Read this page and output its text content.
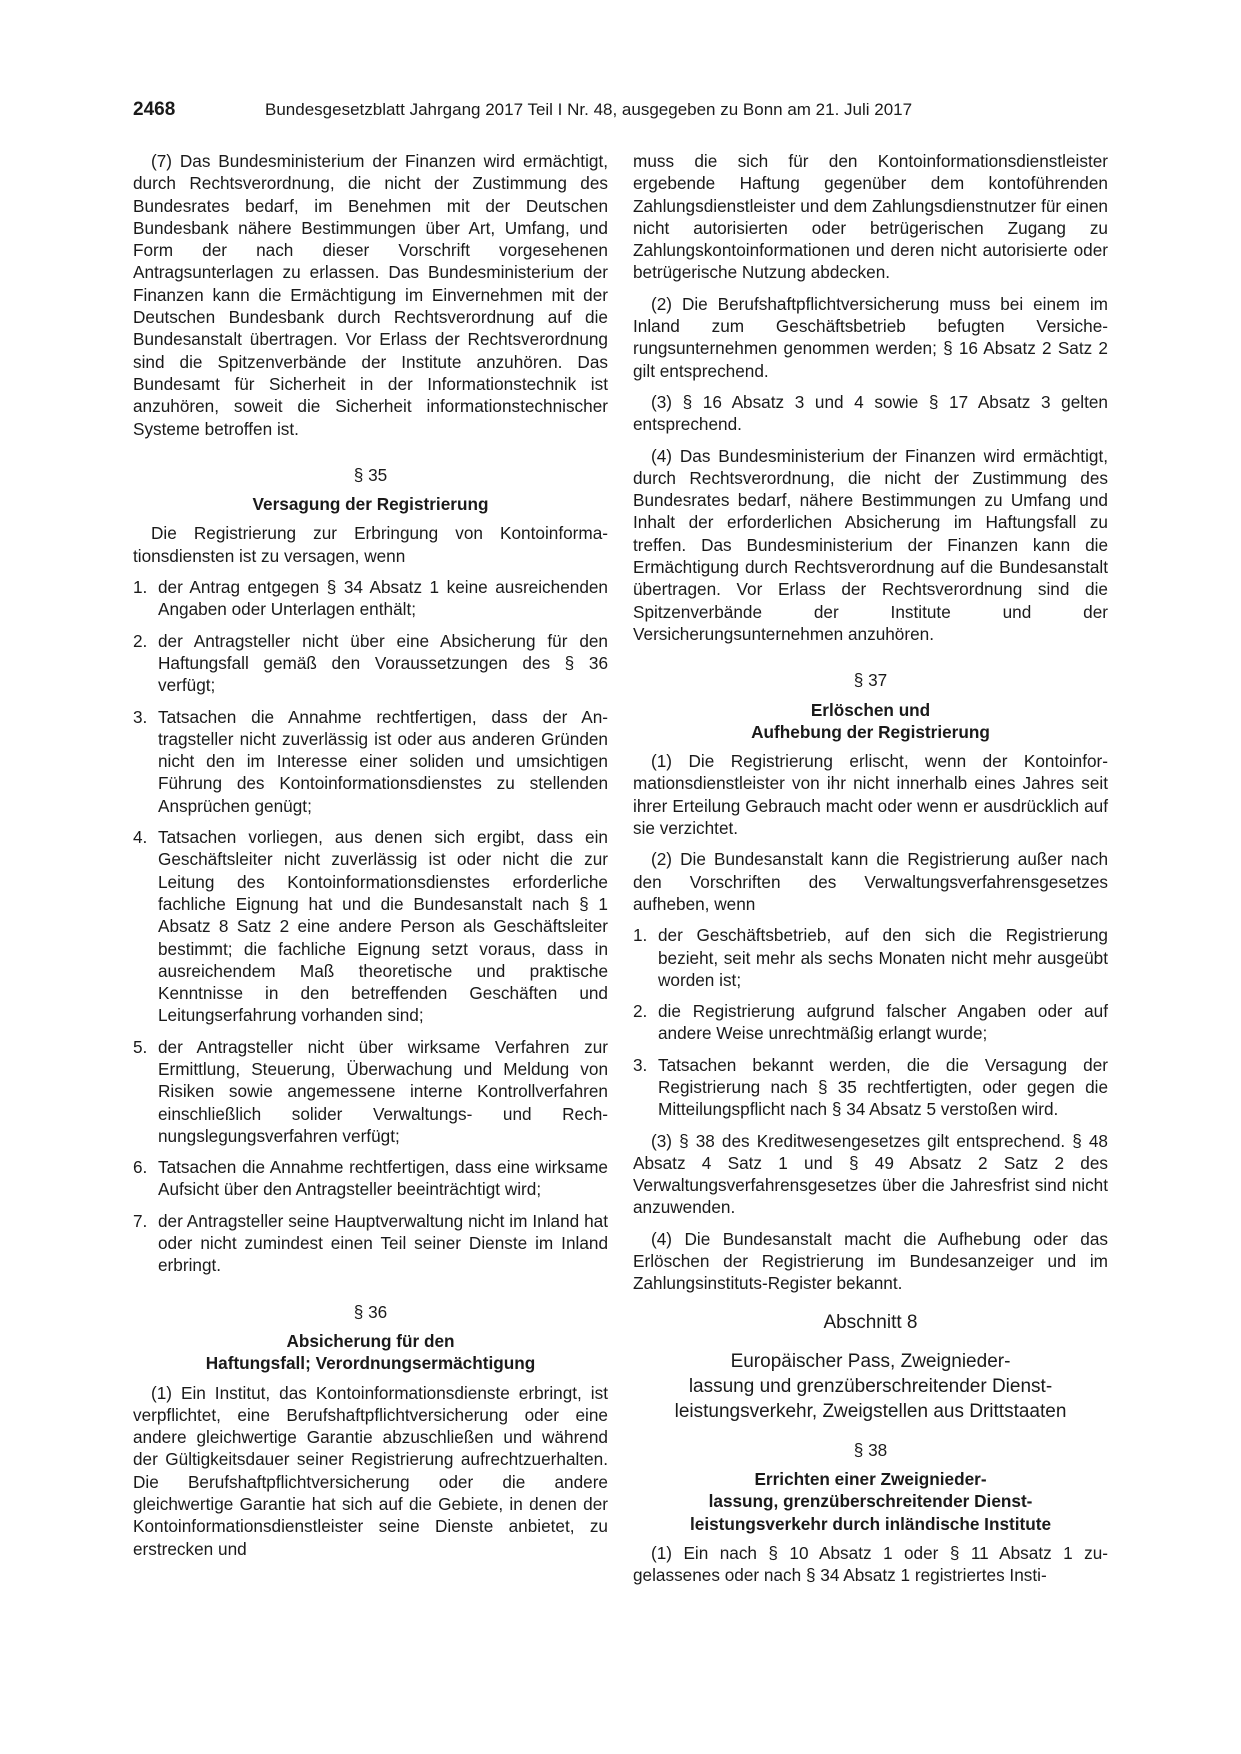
2468	Bundesgesetzblatt Jahrgang 2017 Teil I Nr. 48, ausgegeben zu Bonn am 21. Juli 2017

(7) Das Bundesministerium der Finanzen wird ermächtigt, durch Rechtsverordnung, die nicht der Zustimmung des Bundesrates bedarf, im Benehmen mit der Deutschen Bundesbank nähere Bestimmungen über Art, Umfang, und Form der nach dieser Vorschrift vorgesehenen Antragsunterlagen zu erlassen. Das Bundesministerium der Finanzen kann die Ermächtigung im Einvernehmen mit der Deutschen Bundesbank durch Rechtsverordnung auf die Bundesanstalt übertragen. Vor Erlass der Rechtsverordnung sind die Spitzenverbände der Institute anzuhören. Das Bundesamt für Sicherheit in der Informationstechnik ist anzuhören, soweit die Sicherheit informationstechnischer Systeme betroffen ist.

§ 35
Versagung der Registrierung

Die Registrierung zur Erbringung von Kontoinformationsdiensten ist zu versagen, wenn

1. der Antrag entgegen § 34 Absatz 1 keine ausreichenden Angaben oder Unterlagen enthält;
2. der Antragsteller nicht über eine Absicherung für den Haftungsfall gemäß den Voraussetzungen des § 36 verfügt;
3. Tatsachen die Annahme rechtfertigen, dass der Antragsteller nicht zuverlässig ist oder aus anderen Gründen nicht den im Interesse einer soliden und umsichtigen Führung des Kontoinformationsdienstes zu stellenden Ansprüchen genügt;
4. Tatsachen vorliegen, aus denen sich ergibt, dass ein Geschäftsleiter nicht zuverlässig ist oder nicht die zur Leitung des Kontoinformationsdienstes erforderliche fachliche Eignung hat und die Bundesanstalt nach § 1 Absatz 8 Satz 2 eine andere Person als Geschäftsleiter bestimmt; die fachliche Eignung setzt voraus, dass in ausreichendem Maß theoretische und praktische Kenntnisse in den betreffenden Geschäften und Leitungserfahrung vorhanden sind;
5. der Antragsteller nicht über wirksame Verfahren zur Ermittlung, Steuerung, Überwachung und Meldung von Risiken sowie angemessene interne Kontrollverfahren einschließlich solider Verwaltungs- und Rechnungslegungsverfahren verfügt;
6. Tatsachen die Annahme rechtfertigen, dass eine wirksame Aufsicht über den Antragsteller beeinträchtigt wird;
7. der Antragsteller seine Hauptverwaltung nicht im Inland hat oder nicht zumindest einen Teil seiner Dienste im Inland erbringt.
§ 36
Absicherung für den
Haftungsfall; Verordnungsermächtigung

(1) Ein Institut, das Kontoinformationsdienste erbringt, ist verpflichtet, eine Berufshaftpflichtversicherung oder eine andere gleichwertige Garantie abzuschließen und während der Gültigkeitsdauer seiner Registrierung aufrechtzuerhalten. Die Berufshaftpflichtversicherung oder die andere gleichwertige Garantie hat sich auf die Gebiete, in denen der Kontoinformationsdienstleister seine Dienste anbietet, zu erstrecken und

muss die sich für den Kontoinformationsdienstleister ergebende Haftung gegenüber dem kontoführenden Zahlungsdienstleister und dem Zahlungsdienstnutzer für einen nicht autorisierten oder betrügerischen Zugang zu Zahlungskontoinformationen und deren nicht autorisierte oder betrügerische Nutzung abdecken.

(2) Die Berufshaftpflichtversicherung muss bei einem im Inland zum Geschäftsbetrieb befugten Versicherungsunternehmen genommen werden; § 16 Absatz 2 Satz 2 gilt entsprechend.

(3) § 16 Absatz 3 und 4 sowie § 17 Absatz 3 gelten entsprechend.

(4) Das Bundesministerium der Finanzen wird ermächtigt, durch Rechtsverordnung, die nicht der Zustimmung des Bundesrates bedarf, nähere Bestimmungen zu Umfang und Inhalt der erforderlichen Absicherung im Haftungsfall zu treffen. Das Bundesministerium der Finanzen kann die Ermächtigung durch Rechtsverordnung auf die Bundesanstalt übertragen. Vor Erlass der Rechtsverordnung sind die Spitzenverbände der Institute und der Versicherungsunternehmen anzuhören.

§ 37
Erlöschen und
Aufhebung der Registrierung

(1) Die Registrierung erlischt, wenn der Kontoinformationsdienstleister von ihr nicht innerhalb eines Jahres seit ihrer Erteilung Gebrauch macht oder wenn er ausdrücklich auf sie verzichtet.

(2) Die Bundesanstalt kann die Registrierung außer nach den Vorschriften des Verwaltungsverfahrensgesetzes aufheben, wenn

1. der Geschäftsbetrieb, auf den sich die Registrierung bezieht, seit mehr als sechs Monaten nicht mehr ausgeübt worden ist;
2. die Registrierung aufgrund falscher Angaben oder auf andere Weise unrechtmäßig erlangt wurde;
3. Tatsachen bekannt werden, die die Versagung der Registrierung nach § 35 rechtfertigten, oder gegen die Mitteilungspflicht nach § 34 Absatz 5 verstoßen wird.

(3) § 38 des Kreditwesengesetzes gilt entsprechend. § 48 Absatz 4 Satz 1 und § 49 Absatz 2 Satz 2 des Verwaltungsverfahrensgesetzes über die Jahresfrist sind nicht anzuwenden.

(4) Die Bundesanstalt macht die Aufhebung oder das Erlöschen der Registrierung im Bundesanzeiger und im Zahlungsinstituts-Register bekannt.

Abschnitt 8
Europäischer Pass, Zweignieder-
lassung und grenzüberschreitender Dienst-
leistungsverkehr, Zweigstellen aus Drittstaaten
§ 38
Errichten einer Zweignieder-
lassung, grenzüberschreitender Dienst-
leistungsverkehr durch inländische Institute

(1) Ein nach § 10 Absatz 1 oder § 11 Absatz 1 zugelassenes oder nach § 34 Absatz 1 registriertes Insti-
